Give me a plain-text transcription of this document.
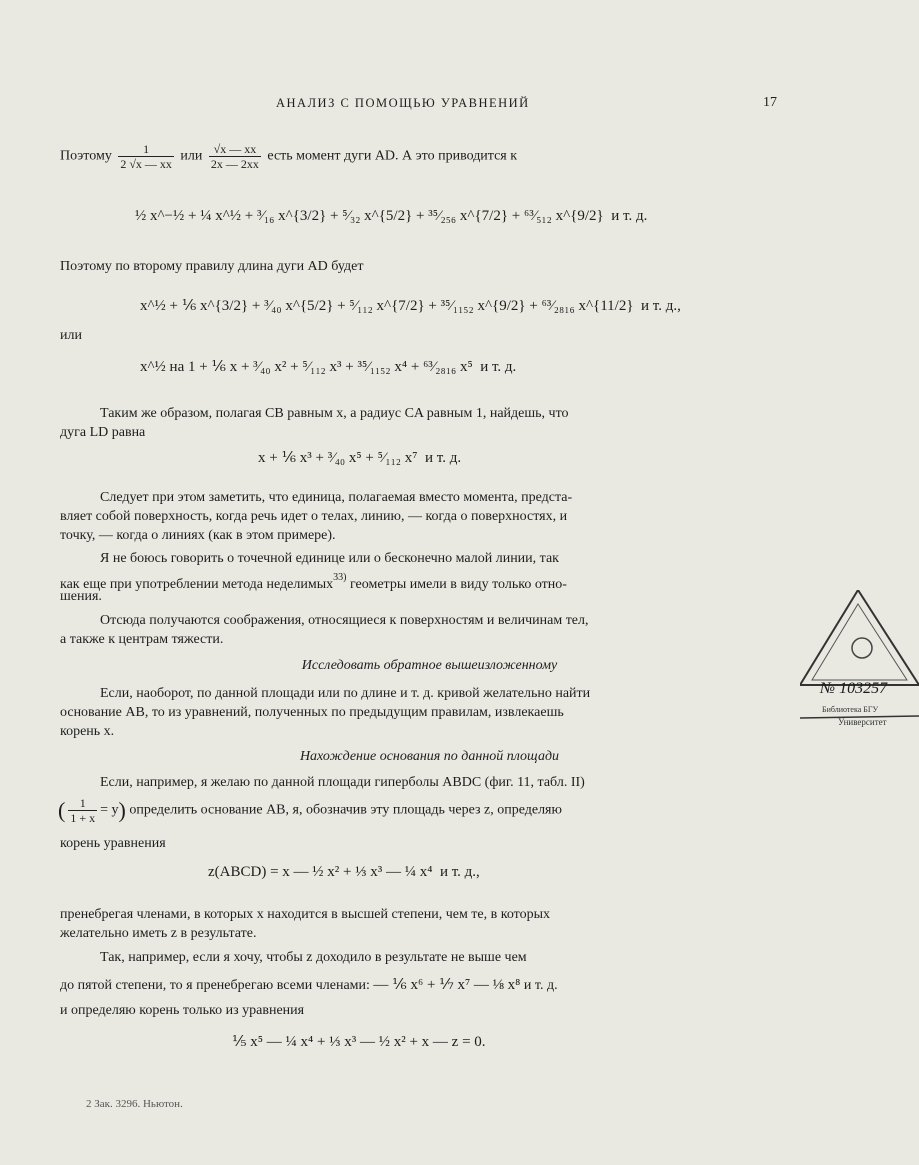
АНАЛИЗ С ПОМОЩЬЮ УРАВНЕНИЙ	17
Поэтому $\frac{1}{2 √x — xx}$ или $\frac{√x — xx}{2x — 2xx}$ есть момент дуги AD. А это приводится к
½ x^−½ + ¼ x^½ + ³⁄₁₆ x^{3/2} + ⁵⁄₃₂ x^{5/2} + ³⁵⁄₂₅₆ x^{7/2} + ⁶³⁄₅₁₂ x^{9/2} и т. д.
Поэтому по второму правилу длина дуги AD будет
x^½ + ⅙ x^{3/2} + ³⁄₄₀ x^{5/2} + ⁵⁄₁₁₂ x^{7/2} + ³⁵⁄₁₁₅₂ x^{9/2} + ⁶³⁄₂₈₁₆ x^{11/2} и т. д.,
или
x^½ на 1 + ⅙ x + ³⁄₄₀ x² + ⁵⁄₁₁₂ x³ + ³⁵⁄₁₁₅₂ x⁴ + ⁶³⁄₂₈₁₆ x⁵ и т. д.
Таким же образом, полагая CB равным x, а радиус CA равным 1, найдешь, что
дуга LD равна
x + ⅙ x³ + ³⁄₄₀ x⁵ + ⁵⁄₁₁₂ x⁷ и т. д.
Следует при этом заметить, что единица, полагаемая вместо момента, предста-
вляет собой поверхность, когда речь идет о телах, линию, — когда о поверхностях, и
точку, — когда о линиях (как в этом примере).
Я не боюсь говорить о точечной единице или о бесконечно малой линии, так
как еще при употреблении метода неделимых$^{33)}$ геометры имели в виду только отно-
шения.
Отсюда получаются соображения, относящиеся к поверхностям и величинам тел,
а также к центрам тяжести.
Исследовать обратное вышеизложенному
Если, наоборот, по данной площади или по длине и т. д. кривой желательно найти
основание AB, то из уравнений, полученных по предыдущим правилам, извлекаешь
корень x.
Нахождение основания по данной площади
Если, например, я желаю по данной площади гиперболы ABDC (фиг. 11, табл. II)
( $\frac{1}{1 + x} = y$) определить основание AB, я, обозначив эту площадь через z, определяю
корень уравнения
z(ABCD) = x — ½ x² + ⅓ x³ — ¼ x⁴ и т. д.,
пренебрегая членами, в которых x находится в высшей степени, чем те, в которых
желательно иметь z в результате.
Так, например, если я хочу, чтобы z доходило в результате не выше чем
до пятой степени, то я пренебрегаю всеми членами: — ⅙ x⁶ + ⅐ x⁷ — ⅛ x⁸ и т. д.
и определяю корень только из уравнения
⅕ x⁵ — ¼ x⁴ + ⅓ x³ — ½ x² + x — z = 0.
2 Зак. 3296. Ньютон.
№ 103257
Библиотека БГУ
Университет
